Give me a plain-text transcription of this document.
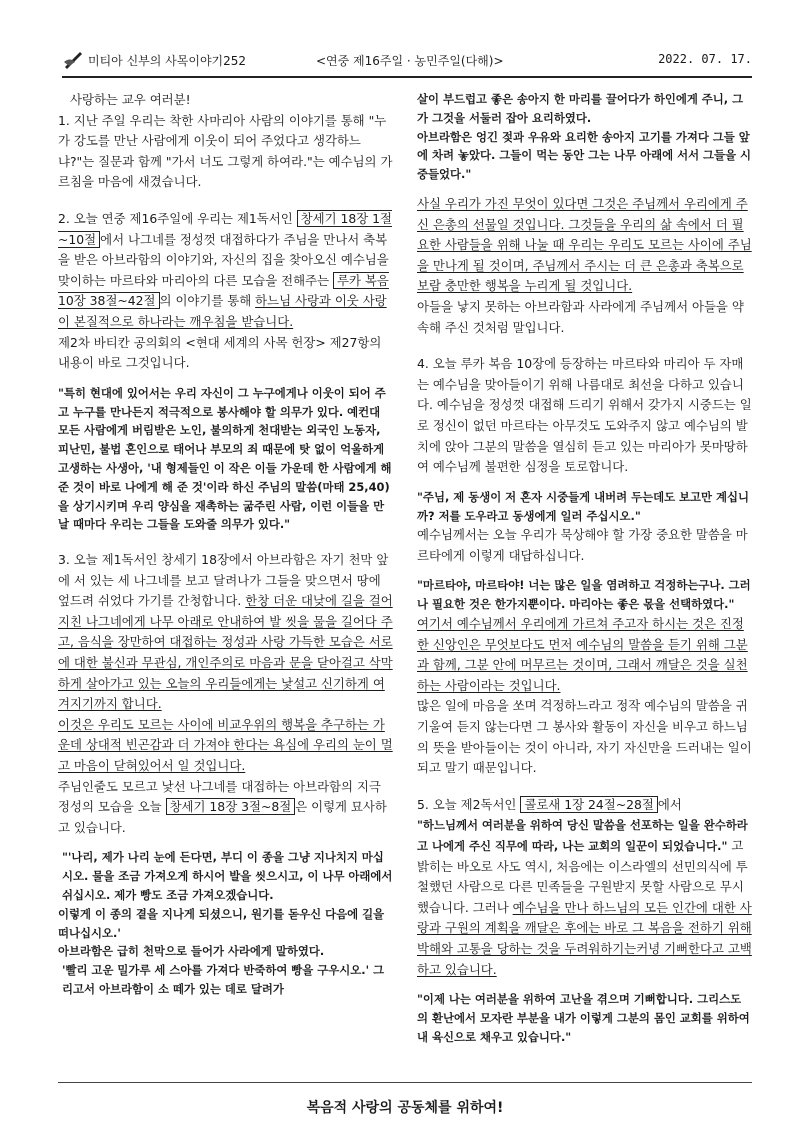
미티아 신부의 사목이야기252	<연중 제16주일 · 농민주일(다해)>	2022. 07. 17.

사랑하는 교우 여러분!

1. 지난 주일 우리는 착한 사마리아 사람의 이야기를 통해 "누가 강도를 만난 사람에게 이웃이 되어 주었다고 생각하느냐?"는 질문과 함께 "가서 너도 그렇게 하여라."는 예수님의 가르침을 마음에 새겼습니다.

2. 오늘 연중 제16주일에 우리는 제1독서인 창세기 18장 1절~10절 에서 나그네를 정성껏 대접하다가 주님을 만나서 축복을 받은 아브라함의 이야기와, 자신의 집을 찾아오신 예수님을 맞이하는 마르타와 마리아의 다른 모습을 전해주는 루카 복음 10장 38절~42절 의 이야기를 통해 하느님 사랑과 이웃 사랑이 본질적으로 하나라는 깨우침을 받습니다.

제2차 바티칸 공의회의 <현대 세계의 사목 헌장> 제27항의 내용이 바로 그것입니다.

"특히 현대에 있어서는 우리 자신이 그 누구에게나 이웃이 되어 주고 누구를 만나든지 적극적으로 봉사해야 할 의무가 있다. 예컨대 모든 사람에게 버림받은 노인, 불의하게 천대받는 외국인 노동자, 피난민, 불법 혼인으로 태어나 부모의 죄 때문에 탓 없이 억울하게 고생하는 사생아, '내 형제들인 이 작은 이들 가운데 한 사람에게 해 준 것이 바로 나에게 해 준 것'이라 하신 주님의 말씀(마태 25,40)을 상기시키며 우리 양심을 재촉하는 굶주린 사람, 이런 이들을 만날 때마다 우리는 그들을 도와줄 의무가 있다."

3. 오늘 제1독서인 창세기 18장에서 아브라함은 자기 천막 앞에 서 있는 세 나그네를 보고 달려나가 그들을 맞으면서 땅에 엎드려 쉬었다 가기를 간청합니다. 한창 더운 대낮에 길을 걸어 지친 나그네에게 나무 아래로 안내하여 발 씻을 물을 길어다 주고, 음식을 장만하여 대접하는 정성과 사랑 가득한 모습은 서로에 대한 불신과 무관심, 개인주의로 마음과 문을 닫아걸고 삭막하게 살아가고 있는 오늘의 우리들에게는 낯설고 신기하게 여겨지기까지 합니다.

이것은 우리도 모르는 사이에 비교우위의 행복을 추구하는 가운데 상대적 빈곤감과 더 가져야 한다는 욕심에 우리의 눈이 멀고 마음이 닫혀있어서 일 것입니다.

주님인줄도 모르고 낯선 나그네를 대접하는 아브라함의 지극 정성의 모습을 오늘 창세기 18장 3절~8절 은 이렇게 묘사하고 있습니다.

"'나리, 제가 나리 눈에 든다면, 부디 이 종을 그냥 지나치지 마십시오. 물을 조금 가져오게 하시어 발을 씻으시고, 이 나무 아래에서 쉬십시오. 제가 빵도 조금 가져오겠습니다.

이렇게 이 종의 곁을 지나게 되셨으니, 원기를 돋우신 다음에 길을 떠나십시오.'

아브라함은 급히 천막으로 들어가 사라에게 말하였다.

'빨리 고운 밀가루 세 스아를 가져다 반죽하여 빵을 구우시오.' 그리고서 아브라함이 소 떼가 있는 데로 달려가

살이 부드럽고 좋은 송아지 한 마리를 끌어다가 하인에게 주니, 그가 그것을 서둘러 잡아 요리하였다.

아브라함은 엉긴 젖과 우유와 요리한 송아지 고기를 가져다 그들 앞에 차려 놓았다. 그들이 먹는 동안 그는 나무 아래에 서서 그들을 시중들었다."

사실 우리가 가진 무엇이 있다면 그것은 주님께서 우리에게 주신 은총의 선물일 것입니다. 그것들을 우리의 삶 속에서 더 필요한 사람들을 위해 나눌 때 우리는 우리도 모르는 사이에 주님을 만나게 될 것이며, 주님께서 주시는 더 큰 은총과 축복으로 보람 충만한 행복을 누리게 될 것입니다.

아들을 낳지 못하는 아브라함과 사라에게 주님께서 아들을 약속해 주신 것처럼 말입니다.

4. 오늘 루카 복음 10장에 등장하는 마르타와 마리아 두 자매는 예수님을 맞아들이기 위해 나름대로 최선을 다하고 있습니다. 예수님을 정성껏 대접해 드리기 위해서 갖가지 시중드는 일로 정신이 없던 마르타는 아무것도 도와주지 않고 예수님의 발치에 앉아 그분의 말씀을 열심히 듣고 있는 마리아가 못마땅하여 예수님께 불편한 심정을 토로합니다.

"주님, 제 동생이 저 혼자 시중들게 내버려 두는데도 보고만 계십니까? 저를 도우라고 동생에게 일러 주십시오."

예수님께서는 오늘 우리가 묵상해야 할 가장 중요한 말씀을 마르타에게 이렇게 대답하십니다.

"마르타야, 마르타야! 너는 많은 일을 염려하고 걱정하는구나. 그러나 필요한 것은 한가지뿐이다. 마리아는 좋은 몫을 선택하였다."

여기서 예수님께서 우리에게 가르쳐 주고자 하시는 것은 진정한 신앙인은 무엇보다도 먼저 예수님의 말씀을 듣기 위해 그분과 함께, 그분 안에 머무르는 것이며, 그래서 깨달은 것을 실천하는 사람이라는 것입니다.

많은 일에 마음을 쏘며 걱정하느라고 정작 예수님의 말씀을 귀 기울여 듣지 않는다면 그 봉사와 활동이 자신을 비우고 하느님의 뜻을 받아들이는 것이 아니라, 자기 자신만을 드러내는 일이 되고 말기 때문입니다.

5. 오늘 제2독서인 콜로새 1장 24절~28절 에서

"하느님께서 여러분을 위하여 당신 말씀을 선포하는 일을 완수하라고 나에게 주신 직무에 따라, 나는 교회의 일꾼이 되었습니다." 고 밝히는 바오로 사도 역시, 처음에는 이스라엘의 선민의식에 투철했던 사람으로 다른 민족들을 구원받지 못할 사람으로 무시했습니다. 그러나 예수님을 만나 하느님의 모든 인간에 대한 사랑과 구원의 계획을 깨달은 후에는 바로 그 복음을 전하기 위해 박해와 고통을 당하는 것을 두려워하기는커녕 기뻐한다고 고백하고 있습니다.

"이제 나는 여러분을 위하여 고난을 겪으며 기뻐합니다. 그리스도의 환난에서 모자란 부분을 내가 이렇게 그분의 몸인 교회를 위하여 내 육신으로 채우고 있습니다."

복음적 사랑의 공동체를 위하여!
